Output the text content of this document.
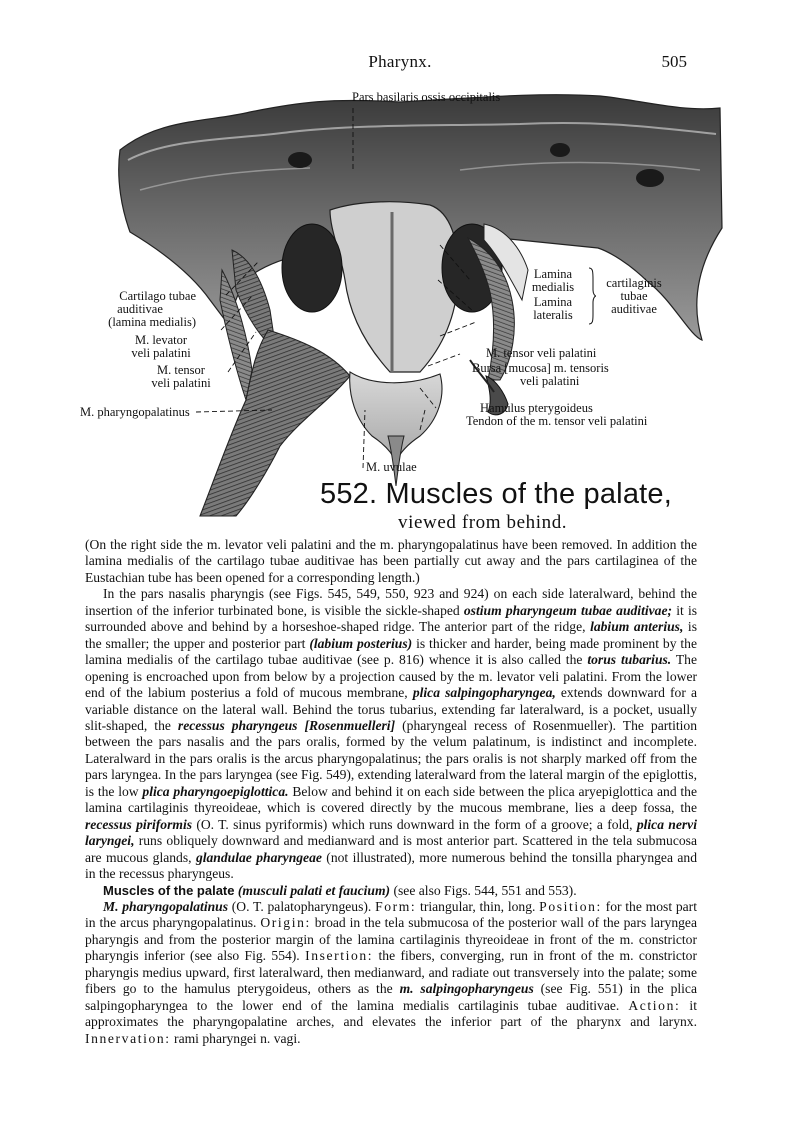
Pharynx.	505
Pars basilaris ossis occipitalis
Cartilago tubae
auditivae
(lamina medialis)
M. levator
veli palatini
M. tensor
veli palatini
M. pharyngopalatinus
Lamina
medialis
Lamina
lateralis
cartilaginis
tubae
auditivae
M. tensor veli palatini
Bursa [mucosa] m. tensoris
veli palatini
Hamulus pterygoideus
Tendon of the m. tensor veli palatini
M. uvulae
552. Muscles of the palate,
viewed from behind.

(On the right side the m. levator veli palatini and the m. pharyngopalatinus have been removed. In addition the lamina medialis of the cartilago tubae auditivae has been partially cut away and the pars cartilaginea of the Eustachian tube has been opened for a corresponding length.)

In the pars nasalis pharyngis (see Figs. 545, 549, 550, 923 and 924) on each side lateralward, behind the insertion of the inferior turbinated bone, is visible the sickle-shaped ostium pharyngeum tubae auditivae; it is surrounded above and behind by a horseshoe-shaped ridge. The anterior part of the ridge, labium anterius, is the smaller; the upper and posterior part (labium posterius) is thicker and harder, being made prominent by the lamina medialis of the cartilago tubae auditivae (see p. 816) whence it is also called the torus tubarius. The opening is encroached upon from below by a projection caused by the m. levator veli palatini. From the lower end of the labium posterius a fold of mucous membrane, plica salpingopharyngea, extends downward for a variable distance on the lateral wall. Behind the torus tubarius, extending far lateralward, is a pocket, usually slit-shaped, the recessus pharyngeus [Rosenmuelleri] (pharyngeal recess of Rosenmueller). The partition between the pars nasalis and the pars oralis, formed by the velum palatinum, is indistinct and incomplete. Lateralward in the pars oralis is the arcus pharyngopalatinus; the pars oralis is not sharply marked off from the pars laryngea. In the pars laryngea (see Fig. 549), extending lateralward from the lateral margin of the epiglottis, is the low plica pharyngoepiglottica. Below and behind it on each side between the plica aryepiglottica and the lamina cartilaginis thyreoideae, which is covered directly by the mucous membrane, lies a deep fossa, the recessus piriformis (O. T. sinus pyriformis) which runs downward in the form of a groove; a fold, plica nervi laryngei, runs obliquely downward and medianward and is most anterior part. Scattered in the tela submucosa are mucous glands, glandulae pharyngeae (not illustrated), more numerous behind the tonsilla pharyngea and in the recessus pharyngeus.

Muscles of the palate (musculi palati et faucium) (see also Figs. 544, 551 and 553).

M. pharyngopalatinus (O. T. palatopharyngeus). Form: triangular, thin, long. Position: for the most part in the arcus pharyngopalatinus. Origin: broad in the tela submucosa of the posterior wall of the pars laryngea pharyngis and from the posterior margin of the lamina cartilaginis thyreoideae in front of the m. constrictor pharyngis inferior (see also Fig. 554). Insertion: the fibers, converging, run in front of the m. constrictor pharyngis medius upward, first lateralward, then medianward, and radiate out transversely into the palate; some fibers go to the hamulus pterygoideus, others as the m. salpingopharyngeus (see Fig. 551) in the plica salpingopharyngea to the lower end of the lamina medialis cartilaginis tubae auditivae. Action: it approximates the pharyngopalatine arches, and elevates the inferior part of the pharynx and larynx. Innervation: rami pharyngei n. vagi.
